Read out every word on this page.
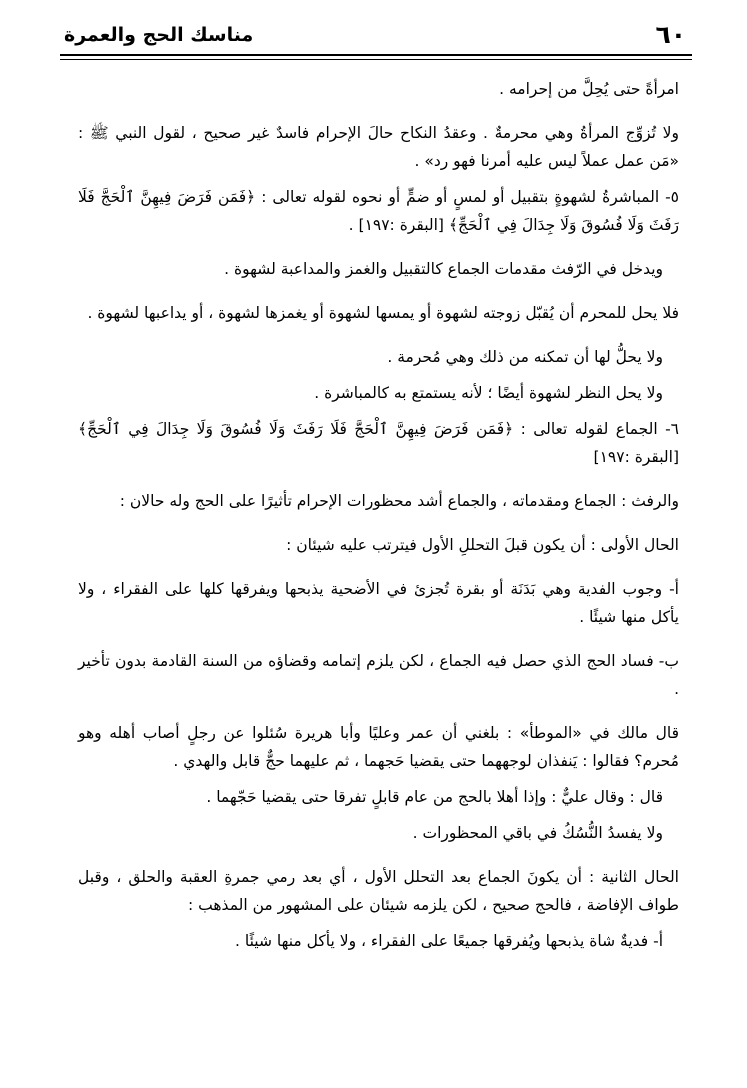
مناسك الحج والعمرة	٦٠

امرأةً حتى يُحِلَّ من إحرامه .

ولا تُزوِّج المرأةُ وهي محرمةٌ . وعقدُ النكاح حالَ الإحرام فاسدٌ غير صحيح ، لقول النبي ﷺ : «مَن عمل عملاً ليس عليه أمرنا فهو رد» .

٥- المباشرةُ لشهوةٍ بتقبيل أو لمسٍ أو ضمٍّ أو نحوه لقوله تعالى : ﴿فَمَن فَرَضَ فِيهِنَّ ٱلْحَجَّ فَلَا رَفَثَ وَلَا فُسُوقَ وَلَا جِدَالَ فِي ٱلْحَجِّ﴾ [البقرة :١٩٧] .

ويدخل في الرّفث مقدمات الجماع كالتقبيل والغمز والمداعبة لشهوة .

فلا يحل للمحرم أن يُقبّل زوجته لشهوة أو يمسها لشهوة أو يغمزها لشهوة ، أو يداعبها لشهوة .

ولا يحلُّ لها أن تمكنه من ذلك وهي مُحرمة .

ولا يحل النظر لشهوة أيضًا ؛ لأنه يستمتع به كالمباشرة .

٦- الجماع لقوله تعالى : ﴿فَمَن فَرَضَ فِيهِنَّ ٱلْحَجَّ فَلَا رَفَثَ وَلَا فُسُوقَ وَلَا جِدَالَ فِي ٱلْحَجِّ﴾ [البقرة :١٩٧]

والرفث : الجماع ومقدماته ، والجماع أشد محظورات الإحرام تأثيرًا على الحج وله حالان :

الحال الأولى : أن يكون قبلَ التحللِ الأول فيترتب عليه شيئان :

أ- وجوب الفدية وهي بَدَنَة أو بقرة تُجزئ في الأضحية يذبحها ويفرقها كلها على الفقراء ، ولا يأكل منها شيئًا .

ب- فساد الحج الذي حصل فيه الجماع ، لكن يلزم إتمامه وقضاؤه من السنة القادمة بدون تأخير .

قال مالك في «الموطأ» : بلغني أن عمر وعليًا وأبا هريرة سُئلوا عن رجلٍ أصاب أهله وهو مُحرم؟ فقالوا : يَنفذان لوجههما حتى يقضيا حَجهما ، ثم عليهما حجٌّ قابل والهدي .

قال : وقال عليٌّ : وإذا أهلا بالحج من عام قابلٍ تفرقا حتى يقضيا حَجّهما .

ولا يفسدُ النُّسُكُ في باقي المحظورات .

الحال الثانية : أن يكونَ الجماع بعد التحلل الأول ، أي بعد رمي جمرةِ العقبة والحلق ، وقبل طواف الإفاضة ، فالحج صحيح ، لكن يلزمه شيئان على المشهور من المذهب :

أ- فديةٌ شاة يذبحها ويُفرقها جميعًا على الفقراء ، ولا يأكل منها شيئًا .
